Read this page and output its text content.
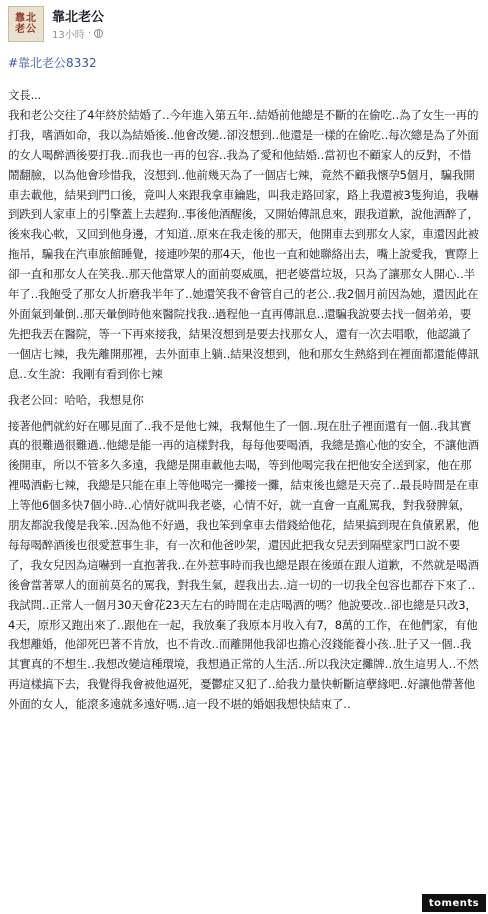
靠北
老公
靠北老公
13小時 ·
#靠北老公8332

文長...

我和老公交往了4年終於結婚了‥今年進入第五年‥結婚前他總是不斷的在偷吃‥為了女生一再的打我，嗜酒如命，我以為結婚後‥他會改變‥卻沒想到‥他還是一樣的在偷吃‥每次總是為了外面的女人喝醉酒後要打我‥而我也一再的包容‥我為了愛和他結婚‥當初也不顧家人的反對，不惜鬧翻臉，以為他會珍惜我，沒想到‥他前幾天為了一個店七辣，竟然不顧我懷孕5個月，騙我開車去載他，結果到門口後，竟叫人來跟我拿車鑰匙，叫我走路回家，路上我還被3隻狗追，我嚇到跌到人家車上的引擎蓋上去趕狗‥事後他酒醒後，又開始傳訊息來，跟我道歉，說他酒醉了，後來我心軟，又回到他身邊，才知道‥原來在我走後的那天，他開車去到那女人家，車還因此被拖吊，騙我在汽車旅館睡覺，接連吵架的那4天，他也一直和她聯絡出去，嘴上說愛我，實際上卻一直和那女人在笑我‥那天他當眾人的面前耍威風，把老婆當垃圾，只為了讓那女人開心‥半年了‥我飽受了那女人折磨我半年了‥她還笑我不會管自己的老公‥我2個月前因為她，還因此在外面氣到暈倒‥那天暈倒時他來醫院找我‥過程他一直再傳訊息‥還騙我說要去找一個弟弟，要先把我丟在醫院，等一下再來接我，結果沒想到是要去找那女人，還有一次去唱歌，他認識了一個店七辣，我先離開那裡，去外面車上躺‥結果沒想到，他和那女生熱絡到在裡面都還能傳訊息‥女生說：我剛有看到你七辣

我老公回：哈哈，我想見你

接著他們就約好在哪見面了‥我不是他七辣，我幫他生了一個‥現在肚子裡面還有一個‥我其實真的很難過很難過‥他總是能一再的這樣對我，每每他要喝酒，我總是擔心他的安全，不讓他酒後開車，所以不管多久多遠，我總是開車載他去喝，等到他喝完我在把他安全送到家，他在那裡喝酒虧七辣，我總是只能在車上等他喝完一攤接一攤，結束後也總是天亮了‥最長時間是在車上等他6個多快7個小時‥心情好就叫我老婆，心情不好，就一直會一直亂罵我，對我發脾氣，朋友都說我傻是我笨‥因為他不好過，我也笨到拿車去借錢給他花，結果搞到現在負債累累，他每每喝醉酒後也很愛惹事生非，有一次和他爸吵架，還因此把我女兒丟到隔壁家門口說不要了，我女兒因為這嚇到一直抱著我‥在外惹事時而我也總是跟在後頭在跟人道歉，不然就是喝酒後會當著眾人的面前莫名的罵我，對我生氣，趕我出去‥這一切的一切我全包容也都吞下來了‥我試問‥正常人一個月30天會花23天左右的時間在走店喝酒的嗎？他說要改‥卻也總是只改3，4天，原形又跑出來了‥跟他在一起，我放棄了我原本月收入有7，8萬的工作，在他們家，有他我想離婚，他卻死巴著不肯放，也不肯改‥而離開他我卻也擔心沒錢能養小孩‥肚子又一個‥我其實真的不想生‥我想改變這種環境，我想過正常的人生活‥所以我決定攤牌‥放生這男人‥不然再這樣搞下去，我覺得我會被他逼死，憂鬱症又犯了‥給我力量快斬斷這孽緣吧‥好讓他帶著他外面的女人，能滾多遠就多遠好嗎‥這一段不堪的婚姻我想快結束了‥

toments
